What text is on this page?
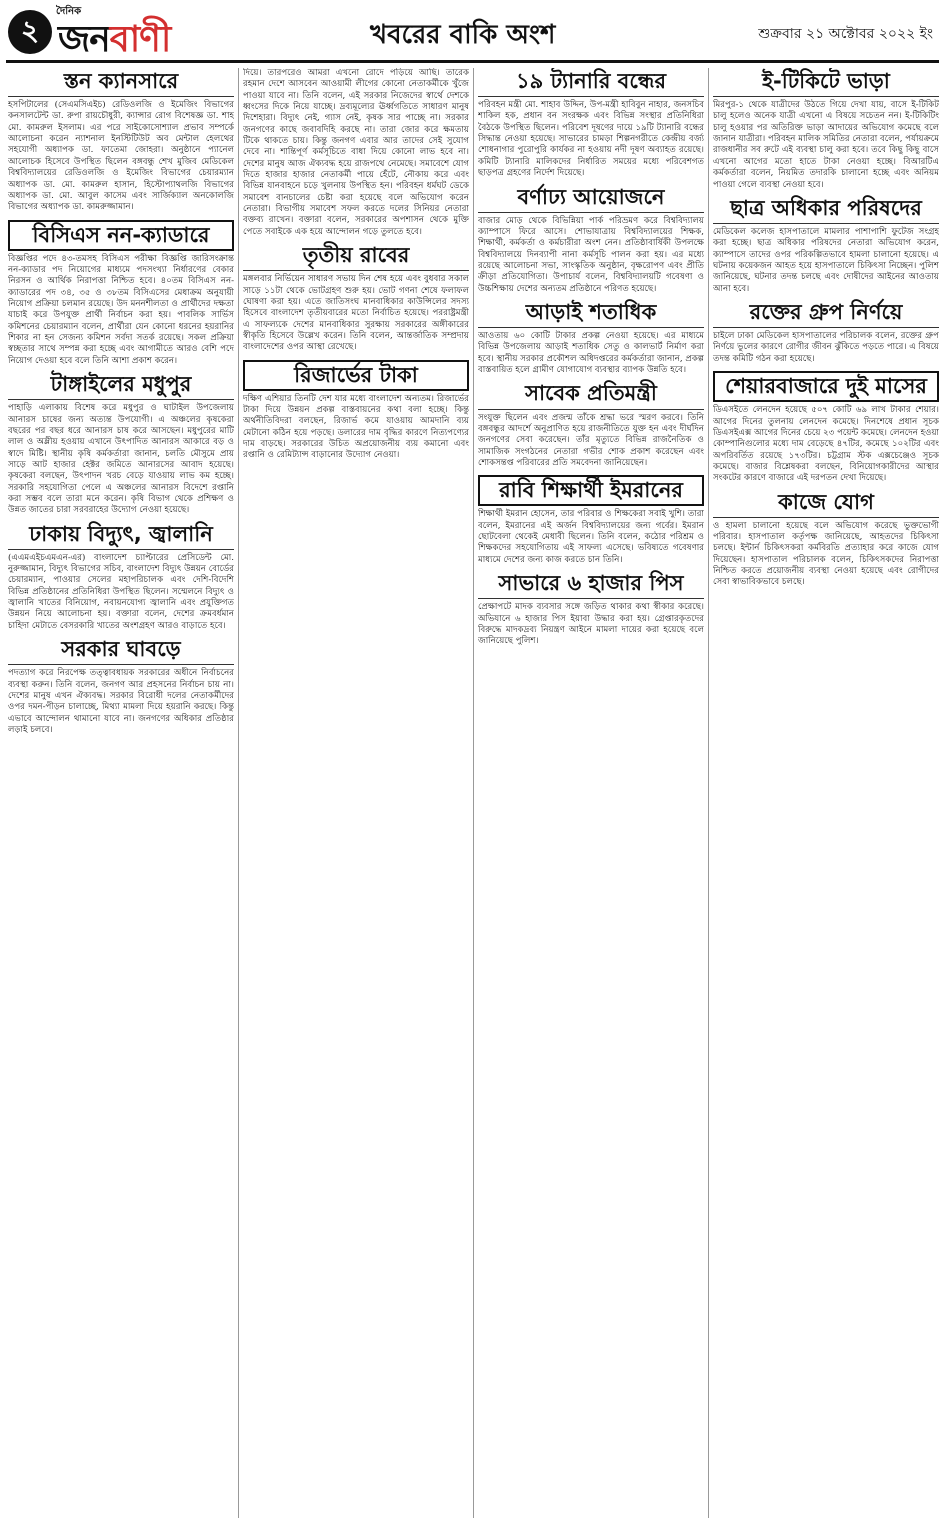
২
দৈনিক
জনবাণী	খবরের বাকি অংশ	শুক্রবার ২১ অক্টোবর ২০২২ ইং
স্তন ক্যানসারে

হসপিটালের (সেএমসিএইচ) রেডিওলজি ও ইমেজিং বিভাগের কনসালটেন্ট ডা. রুপা রায়চৌধুরী, ক্যান্সার রোগ বিশেষজ্ঞ ডা. শাহ মো. কামরুল ইসলাম। এর পরে সাইকোসোশ্যাল প্রভাব সম্পর্কে আলোচনা করেন ন্যাশনাল ইনস্টিটিউট অব মেন্টাল হেলথের সহযোগী অধ্যাপক ডা. ফাতেমা জোহরা। অনুষ্ঠানে প্যানেল আলোচক হিসেবে উপস্থিত ছিলেন বঙ্গবন্ধু শেখ মুজিব মেডিকেল বিশ্ববিদ্যালয়ের রেডিওলজি ও ইমেজিং বিভাগের চেয়ারম্যান অধ্যাপক ডা. মো. কামরুল হাসান, হিস্টোপ্যাথলজি বিভাগের অধ্যাপক ডা. মো. আবুল কাসেম এবং সার্জিক্যাল অনকোলজি বিভাগের অধ্যাপক ডা. কামরুজ্জামান।

বিসিএস নন-ক্যাডারে

বিজ্ঞপ্তির পদে ৪৩-তমসহ বিসিএস পরীক্ষা বিজ্ঞপ্তি জারিসংক্রান্ত নন-ক্যাডার পদ নিয়োগের মাধ্যমে পদসংখ্যা নির্ধারণের বেকার নিরসন ও আর্থিক নিরাপত্তা নিশ্চিত হবে। ৪০তম বিসিএস নন-ক্যাডারের পদ ৩৪, ৩৫ ও ৩৮তম বিসিএসের মেধাক্রম অনুযায়ী নিয়োগ প্রক্রিয়া চলমান রয়েছে। উদ মননশীলতা ও প্রার্থীদের দক্ষতা যাচাই করে উপযুক্ত প্রার্থী নির্বাচন করা হয়। পাবলিক সার্ভিস কমিশনের চেয়ারম্যান বলেন, প্রার্থীরা যেন কোনো ধরনের হয়রানির শিকার না হন সেজন্য কমিশন সর্বদা সতর্ক রয়েছে। সকল প্রক্রিয়া স্বচ্ছতার সাথে সম্পন্ন করা হচ্ছে এবং আগামীতে আরও বেশি পদে নিয়োগ দেওয়া হবে বলে তিনি আশা প্রকাশ করেন।

টাঙ্গাইলের মধুপুর

পাহাড়ি এলাকায় বিশেষ করে মধুপুর ও ঘাটাইল উপজেলায় আনারস চাষের জন্য অত্যন্ত উপযোগী। এ অঞ্চলের কৃষকেরা বছরের পর বছর ধরে আনারস চাষ করে আসছেন। মধুপুরের মাটি লাল ও অম্লীয় হওয়ায় এখানে উৎপাদিত আনারস আকারে বড় ও স্বাদে মিষ্টি। স্থানীয় কৃষি কর্মকর্তারা জানান, চলতি মৌসুমে প্রায় সাড়ে আট হাজার হেক্টর জমিতে আনারসের আবাদ হয়েছে। কৃষকেরা বলছেন, উৎপাদন খরচ বেড়ে যাওয়ায় লাভ কম হচ্ছে। সরকারি সহযোগিতা পেলে এ অঞ্চলের আনারস বিদেশে রপ্তানি করা সম্ভব বলে তারা মনে করেন। কৃষি বিভাগ থেকে প্রশিক্ষণ ও উন্নত জাতের চারা সরবরাহের উদ্যোগ নেওয়া হয়েছে।

ঢাকায় বিদ্যুৎ, জ্বালানি

(এএমএইচএমএন-এর) বাংলাদেশ চ্যাপ্টারের প্রেসিডেন্ট মো. নুরুজ্জামান, বিদ্যুৎ বিভাগের সচিব, বাংলাদেশ বিদ্যুৎ উন্নয়ন বোর্ডের চেয়ারম্যান, পাওয়ার সেলের মহাপরিচালক এবং দেশি-বিদেশি বিভিন্ন প্রতিষ্ঠানের প্রতিনিধিরা উপস্থিত ছিলেন। সম্মেলনে বিদ্যুৎ ও জ্বালানি খাতের বিনিয়োগ, নবায়নযোগ্য জ্বালানি এবং প্রযুক্তিগত উন্নয়ন নিয়ে আলোচনা হয়। বক্তারা বলেন, দেশের ক্রমবর্ধমান চাহিদা মেটাতে বেসরকারি খাতের অংশগ্রহণ আরও বাড়াতে হবে।

সরকার ঘাবড়ে

পদত্যাগ করে নিরপেক্ষ তত্ত্বাবধায়ক সরকারের অধীনে নির্বাচনের ব্যবস্থা করুন। তিনি বলেন, জনগণ আর প্রহসনের নির্বাচন চায় না। দেশের মানুষ এখন ঐক্যবদ্ধ। সরকার বিরোধী দলের নেতাকর্মীদের ওপর দমন-পীড়ন চালাচ্ছে, মিথ্যা মামলা দিয়ে হয়রানি করছে। কিন্তু এভাবে আন্দোলন থামানো যাবে না। জনগণের অধিকার প্রতিষ্ঠার লড়াই চলবে।

দিয়ে। তারপরেও আমরা এখনো রোদে পড়িয়ে আছি। তারেক রহমান দেশে আসবেন আওয়ামী লীগের কোনো নেতাকর্মীকে খুঁজে পাওয়া যাবে না। তিনি বলেন, এই সরকার নিজেদের স্বার্থে দেশকে ধ্বংসের দিকে নিয়ে যাচ্ছে। দ্রব্যমূল্যের ঊর্ধ্বগতিতে সাধারণ মানুষ দিশেহারা। বিদ্যুৎ নেই, গ্যাস নেই, কৃষক সার পাচ্ছে না। সরকার জনগণের কাছে জবাবদিহি করছে না। তারা জোর করে ক্ষমতায় টিকে থাকতে চায়। কিন্তু জনগণ এবার আর তাদের সেই সুযোগ দেবে না। শান্তিপূর্ণ কর্মসূচিতে বাধা দিয়ে কোনো লাভ হবে না। দেশের মানুষ আজ ঐক্যবদ্ধ হয়ে রাজপথে নেমেছে। সমাবেশে যোগ দিতে হাজার হাজার নেতাকর্মী পায়ে হেঁটে, নৌকায় করে এবং বিভিন্ন যানবাহনে চড়ে খুলনায় উপস্থিত হন। পরিবহন ধর্মঘট ডেকে সমাবেশ বানচালের চেষ্টা করা হয়েছে বলে অভিযোগ করেন নেতারা। বিভাগীয় সমাবেশ সফল করতে দলের সিনিয়র নেতারা বক্তব্য রাখেন। বক্তারা বলেন, সরকারের অপশাসন থেকে মুক্তি পেতে সবাইকে এক হয়ে আন্দোলন গড়ে তুলতে হবে।

তৃতীয় রাবের

মঙ্গলবার নির্ভিয়েন সাধারণ সভায় দিন শেষ হয়ে এবং বুধবার সকাল সাড়ে ১১টা থেকে ভোটগ্রহণ শুরু হয়। ভোট গণনা শেষে ফলাফল ঘোষণা করা হয়। এতে জাতিসংঘ মানবাধিকার কাউন্সিলের সদস্য হিসেবে বাংলাদেশ তৃতীয়বারের মতো নির্বাচিত হয়েছে। পররাষ্ট্রমন্ত্রী এ সাফল্যকে দেশের মানবাধিকার সুরক্ষায় সরকারের অঙ্গীকারের স্বীকৃতি হিসেবে উল্লেখ করেন। তিনি বলেন, আন্তর্জাতিক সম্প্রদায় বাংলাদেশের ওপর আস্থা রেখেছে।

রিজার্ভের টাকা

দক্ষিণ এশিয়ার তিনটি দেশ যার মধ্যে বাংলাদেশ অন্যতম। রিজার্ভের টাকা দিয়ে উন্নয়ন প্রকল্প বাস্তবায়নের কথা বলা হচ্ছে। কিন্তু অর্থনীতিবিদরা বলছেন, রিজার্ভ কমে যাওয়ায় আমদানি ব্যয় মেটানো কঠিন হয়ে পড়ছে। ডলারের দাম বৃদ্ধির কারণে নিত্যপণ্যের দাম বাড়ছে। সরকারের উচিত অপ্রয়োজনীয় ব্যয় কমানো এবং রপ্তানি ও রেমিট্যান্স বাড়ানোর উদ্যোগ নেওয়া।

১৯ ট্যানারি বন্ধের

পরিবহন মন্ত্রী মো. শাহাব উদ্দিন, উপ-মন্ত্রী হাবিবুন নাহার, জনসচিব শাকিল হক, প্রধান বন সংরক্ষক এবং বিভিন্ন সংস্থার প্রতিনিধিরা বৈঠকে উপস্থিত ছিলেন। পরিবেশ দূষণের দায়ে ১৯টি ট্যানারি বন্ধের সিদ্ধান্ত নেওয়া হয়েছে। সাভারের চামড়া শিল্পনগরীতে কেন্দ্রীয় বর্জ্য শোধনাগার পুরোপুরি কার্যকর না হওয়ায় নদী দূষণ অব্যাহত রয়েছে। কমিটি ট্যানারি মালিকদের নির্ধারিত সময়ের মধ্যে পরিবেশগত ছাড়পত্র গ্রহণের নির্দেশ দিয়েছে।

বর্ণাঢ্য আয়োজনে

বাজার মোড় থেকে বিভিন্নিয়া পার্ক পরিভ্রমণ করে বিশ্ববিদ্যালয় ক্যাম্পাসে ফিরে আসে। শোভাযাত্রায় বিশ্ববিদ্যালয়ের শিক্ষক, শিক্ষার্থী, কর্মকর্তা ও কর্মচারীরা অংশ নেন। প্রতিষ্ঠাবার্ষিকী উপলক্ষে বিশ্ববিদ্যালয়ে দিনব্যাপী নানা কর্মসূচি পালন করা হয়। এর মধ্যে রয়েছে আলোচনা সভা, সাংস্কৃতিক অনুষ্ঠান, বৃক্ষরোপণ এবং প্রীতি ক্রীড়া প্রতিযোগিতা। উপাচার্য বলেন, বিশ্ববিদ্যালয়টি গবেষণা ও উচ্চশিক্ষায় দেশের অন্যতম প্রতিষ্ঠানে পরিণত হয়েছে।

আড়াই শতাধিক

আওতায় ৬০ কোটি টাকার প্রকল্প নেওয়া হয়েছে। এর মাধ্যমে বিভিন্ন উপজেলায় আড়াই শতাধিক সেতু ও কালভার্ট নির্মাণ করা হবে। স্থানীয় সরকার প্রকৌশল অধিদপ্তরের কর্মকর্তারা জানান, প্রকল্প বাস্তবায়িত হলে গ্রামীণ যোগাযোগ ব্যবস্থার ব্যাপক উন্নতি হবে।

সাবেক প্রতিমন্ত্রী

সংযুক্ত ছিলেন এবং প্রজন্ম তাঁকে শ্রদ্ধা ভরে স্মরণ করবে। তিনি বঙ্গবন্ধুর আদর্শে অনুপ্রাণিত হয়ে রাজনীতিতে যুক্ত হন এবং দীর্ঘদিন জনগণের সেবা করেছেন। তাঁর মৃত্যুতে বিভিন্ন রাজনৈতিক ও সামাজিক সংগঠনের নেতারা গভীর শোক প্রকাশ করেছেন এবং শোকসন্তপ্ত পরিবারের প্রতি সমবেদনা জানিয়েছেন।

রাবি শিক্ষার্থী ইমরানের

শিক্ষার্থী ইমরান হোসেন, তার পরিবার ও শিক্ষকেরা সবাই খুশি। তারা বলেন, ইমরানের এই অর্জন বিশ্ববিদ্যালয়ের জন্য গর্বের। ইমরান ছোটবেলা থেকেই মেধাবী ছিলেন। তিনি বলেন, কঠোর পরিশ্রম ও শিক্ষকদের সহযোগিতায় এই সাফল্য এসেছে। ভবিষ্যতে গবেষণার মাধ্যমে দেশের জন্য কাজ করতে চান তিনি।

সাভারে ৬ হাজার পিস

প্রেক্ষাপটে মাদক ব্যবসার সঙ্গে জড়িত থাকার কথা স্বীকার করেছে। অভিযানে ৬ হাজার পিস ইয়াবা উদ্ধার করা হয়। গ্রেপ্তারকৃতদের বিরুদ্ধে মাদকদ্রব্য নিয়ন্ত্রণ আইনে মামলা দায়ের করা হয়েছে বলে জানিয়েছে পুলিশ।

ই-টিকিটে ভাড়া

মিরপুর-১ থেকে যাত্রীদের উঠতে গিয়ে দেখা যায়, বাসে ই-টিকিট চালু হলেও অনেক যাত্রী এখনো এ বিষয়ে সচেতন নন। ই-টিকিটিং চালু হওয়ার পর অতিরিক্ত ভাড়া আদায়ের অভিযোগ কমেছে বলে জানান যাত্রীরা। পরিবহন মালিক সমিতির নেতারা বলেন, পর্যায়ক্রমে রাজধানীর সব রুটে এই ব্যবস্থা চালু করা হবে। তবে কিছু কিছু বাসে এখনো আগের মতো হাতে টাকা নেওয়া হচ্ছে। বিআরটিএ কর্মকর্তারা বলেন, নিয়মিত তদারকি চালানো হচ্ছে এবং অনিয়ম পাওয়া গেলে ব্যবস্থা নেওয়া হবে।

ছাত্র অধিকার পরিষদের

মেডিকেল কলেজ হাসপাতালে মামলার পাশাপাশি ফুটেজ সংগ্রহ করা হচ্ছে। ছাত্র অধিকার পরিষদের নেতারা অভিযোগ করেন, ক্যাম্পাসে তাদের ওপর পরিকল্পিতভাবে হামলা চালানো হয়েছে। এ ঘটনায় কয়েকজন আহত হয়ে হাসপাতালে চিকিৎসা নিচ্ছেন। পুলিশ জানিয়েছে, ঘটনার তদন্ত চলছে এবং দোষীদের আইনের আওতায় আনা হবে।

রক্তের গ্রুপ নির্ণয়ে

চাইলে ঢাকা মেডিকেল হাসপাতালের পরিচালক বলেন, রক্তের গ্রুপ নির্ণয়ে ভুলের কারণে রোগীর জীবন ঝুঁকিতে পড়তে পারে। এ বিষয়ে তদন্ত কমিটি গঠন করা হয়েছে।

শেয়ারবাজারে দুই মাসের

ডিএসইতে লেনদেন হয়েছে ৫০৭ কোটি ৬৯ লাখ টাকার শেয়ার। আগের দিনের তুলনায় লেনদেন কমেছে। দিনশেষে প্রধান সূচক ডিএসইএক্স আগের দিনের চেয়ে ২৩ পয়েন্ট কমেছে। লেনদেন হওয়া কোম্পানিগুলোর মধ্যে দাম বেড়েছে ৪৭টির, কমেছে ১০২টির এবং অপরিবর্তিত রয়েছে ১৭৩টির। চট্টগ্রাম স্টক এক্সচেঞ্জেও সূচক কমেছে। বাজার বিশ্লেষকরা বলছেন, বিনিয়োগকারীদের আস্থার সংকটের কারণে বাজারে এই দরপতন দেখা দিয়েছে।

কাজে যোগ

ও হামলা চালানো হয়েছে বলে অভিযোগ করেছে ভুক্তভোগী পরিবার। হাসপাতাল কর্তৃপক্ষ জানিয়েছে, আহতদের চিকিৎসা চলছে। ইন্টার্ন চিকিৎসকরা কর্মবিরতি প্রত্যাহার করে কাজে যোগ দিয়েছেন। হাসপাতাল পরিচালক বলেন, চিকিৎসকদের নিরাপত্তা নিশ্চিত করতে প্রয়োজনীয় ব্যবস্থা নেওয়া হয়েছে এবং রোগীদের সেবা স্বাভাবিকভাবে চলছে।
